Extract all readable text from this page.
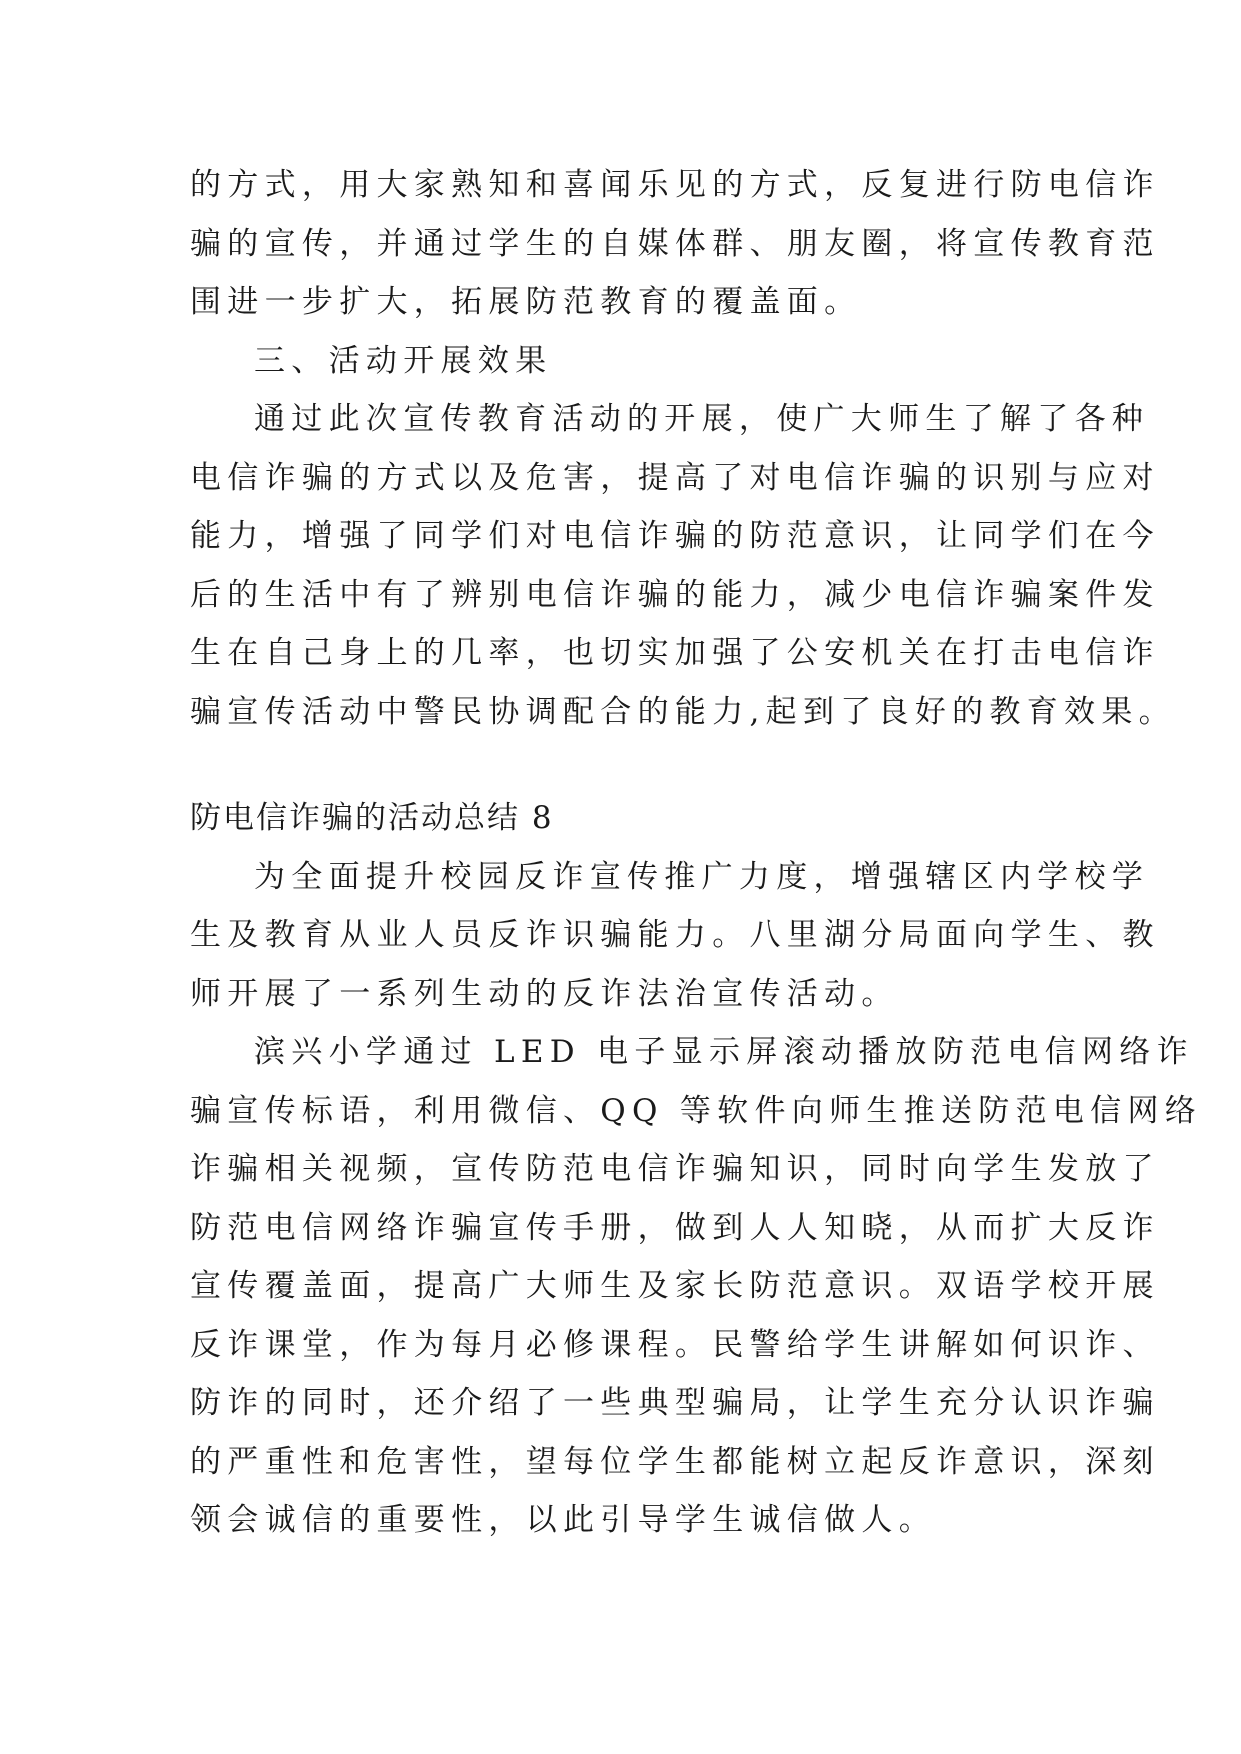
的方式，用大家熟知和喜闻乐见的方式，反复进行防电信诈
骗的宣传，并通过学生的自媒体群、朋友圈，将宣传教育范
围进一步扩大，拓展防范教育的覆盖面。
三、活动开展效果
通过此次宣传教育活动的开展，使广大师生了解了各种
电信诈骗的方式以及危害，提高了对电信诈骗的识别与应对
能力，增强了同学们对电信诈骗的防范意识，让同学们在今
后的生活中有了辨别电信诈骗的能力，减少电信诈骗案件发
生在自己身上的几率，也切实加强了公安机关在打击电信诈
骗宣传活动中警民协调配合的能力,起到了良好的教育效果。
防电信诈骗的活动总结 8
为全面提升校园反诈宣传推广力度，增强辖区内学校学
生及教育从业人员反诈识骗能力。八里湖分局面向学生、教
师开展了一系列生动的反诈法治宣传活动。
滨兴小学通过 LED 电子显示屏滚动播放防范电信网络诈
骗宣传标语，利用微信、QQ 等软件向师生推送防范电信网络
诈骗相关视频，宣传防范电信诈骗知识，同时向学生发放了
防范电信网络诈骗宣传手册，做到人人知晓，从而扩大反诈
宣传覆盖面，提高广大师生及家长防范意识。双语学校开展
反诈课堂，作为每月必修课程。民警给学生讲解如何识诈、
防诈的同时，还介绍了一些典型骗局，让学生充分认识诈骗
的严重性和危害性，望每位学生都能树立起反诈意识，深刻
领会诚信的重要性，以此引导学生诚信做人。
